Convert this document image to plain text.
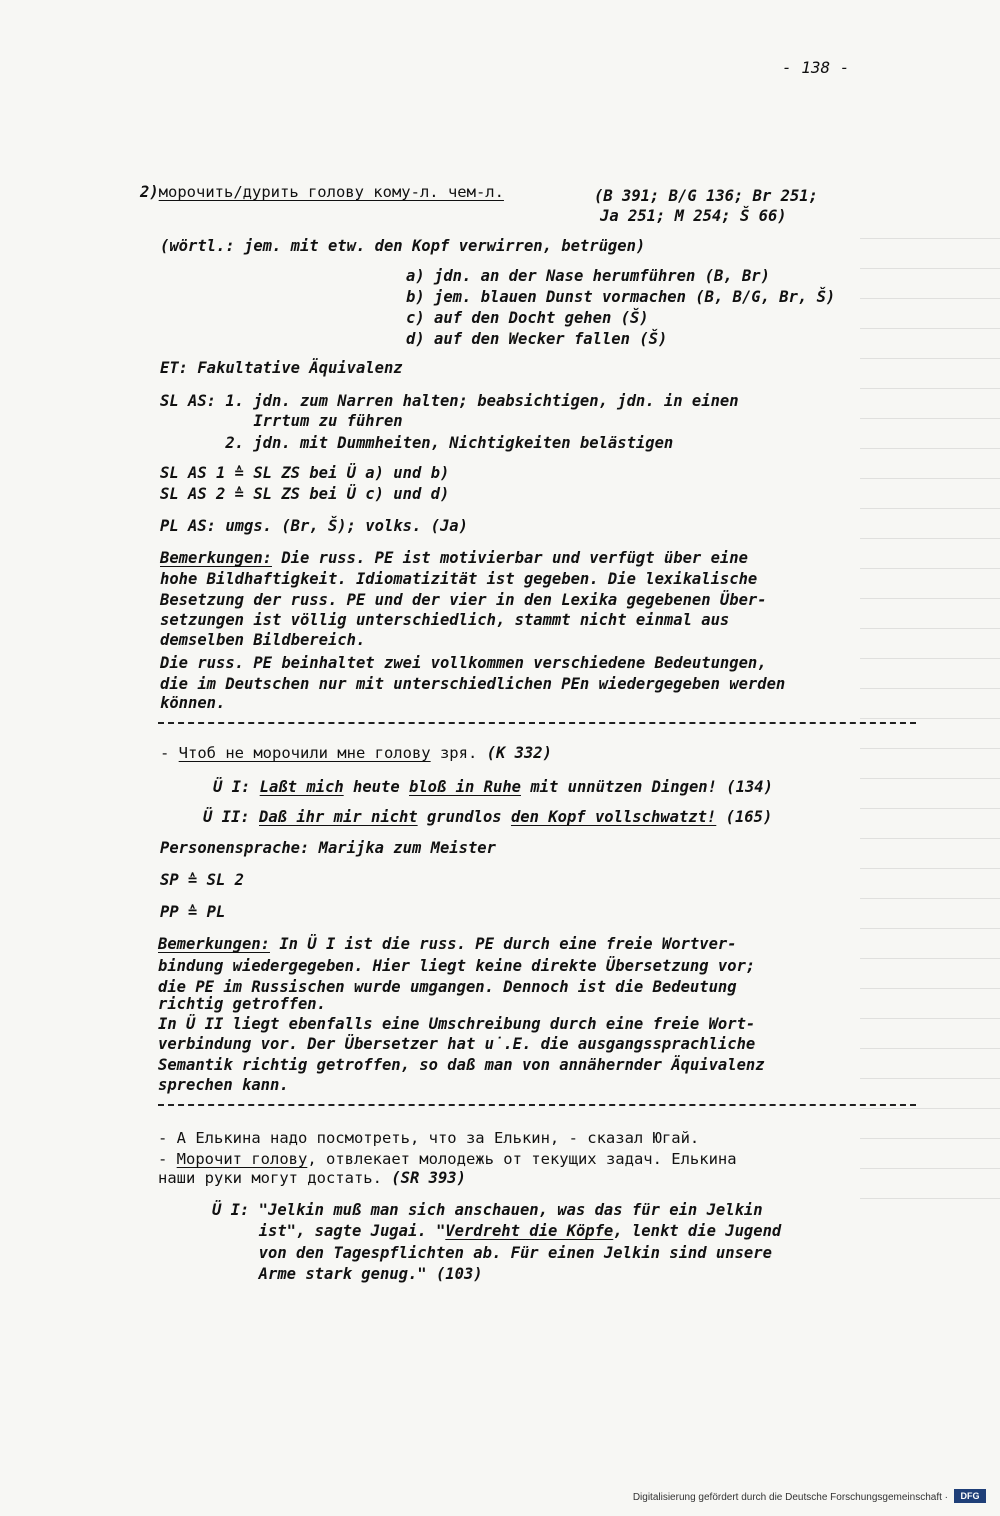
- 138 -
2)морочить/дурить голову кому-л. чем-л.	(B 391; B/G 136; Br 251;
Ja 251; M 254; Š 66)
(wörtl.: jem. mit etw. den Kopf verwirren, betrügen)
a) jdn. an der Nase herumführen (B, Br)
b) jem. blauen Dunst vormachen (B, B/G, Br, Š)
c) auf den Docht gehen (Š)
d) auf den Wecker fallen (Š)
ET: Fakultative Äquivalenz
SL AS: 1. jdn. zum Narren halten; beabsichtigen, jdn. in einen
Irrtum zu führen
2. jdn. mit Dummheiten, Nichtigkeiten belästigen
SL AS 1 ≙ SL ZS bei Ü a) und b)
SL AS 2 ≙ SL ZS bei Ü c) und d)
PL AS: umgs. (Br, Š); volks. (Ja)
Bemerkungen: Die russ. PE ist motivierbar und verfügt über eine
hohe Bildhaftigkeit. Idiomatizität ist gegeben. Die lexikalische
Besetzung der russ. PE und der vier in den Lexika gegebenen Über-
setzungen ist völlig unterschiedlich, stammt nicht einmal aus
demselben Bildbereich.
Die russ. PE beinhaltet zwei vollkommen verschiedene Bedeutungen,
die im Deutschen nur mit unterschiedlichen PEn wiedergegeben werden
können.
- Чтоб не морочили мне голову зря. (K 332)
Ü I: Laßt mich heute bloß in Ruhe mit unnützen Dingen! (134)
Ü II: Daß ihr mir nicht grundlos den Kopf vollschwatzt! (165)
Personensprache: Marijka zum Meister
SP ≙ SL 2
PP ≙ PL
Bemerkungen: In Ü I ist die russ. PE durch eine freie Wortver-
bindung wiedergegeben. Hier liegt keine direkte Übersetzung vor;
die PE im Russischen wurde umgangen. Dennoch ist die Bedeutung
richtig getroffen.
In Ü II liegt ebenfalls eine Umschreibung durch eine freie Wort-
verbindung vor. Der Übersetzer hat u̇.E. die ausgangssprachliche
Semantik richtig getroffen, so daß man von annähernder Äquivalenz
sprechen kann.
- А Елькина надо посмотреть, что за Елькин, - сказал Югай.
- Морочит голову, отвлекает молодежь от текущих задач. Елькина
наши руки могут достать. (SR 393)
Ü I: "Jelkin muß man sich anschauen, was das für ein Jelkin
ist", sagte Jugai. "Verdreht die Köpfe, lenkt die Jugend
von den Tagespflichten ab. Für einen Jelkin sind unsere
Arme stark genug." (103)
Digitalisierung gefördert durch die Deutsche Forschungsgemeinschaft ·	DFG
